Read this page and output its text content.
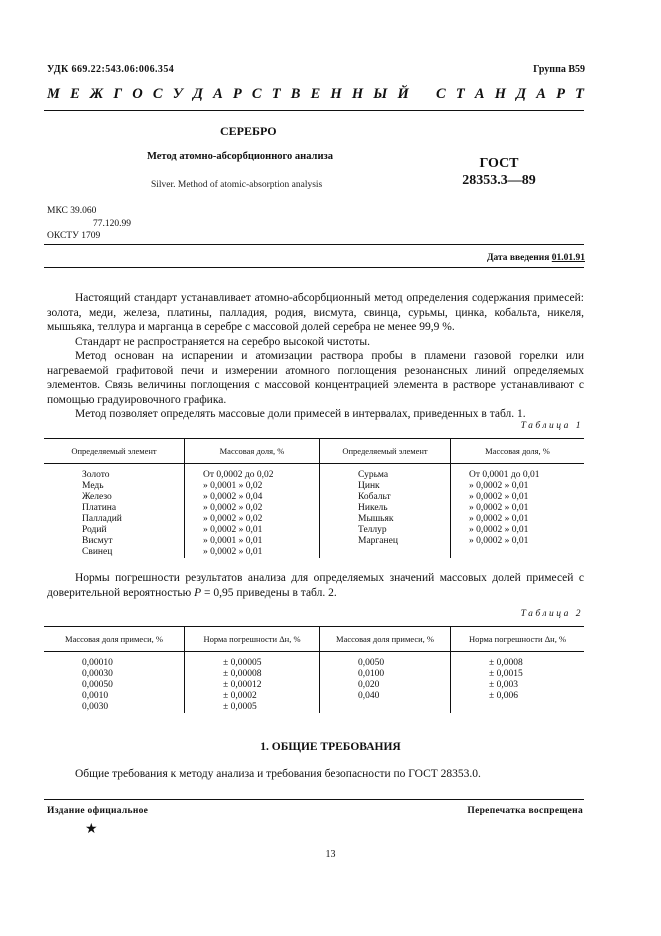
УДК 669.22:543.06:006.354	Группа В59
М Е Ж Г О С У Д А Р С Т В Е Н Н Ы Й С Т А Н Д А Р Т
СЕРЕБРО
Метод атомно-абсорбционного анализа	ГОСТ
28353.3—89
Silver. Method of atomic-absorption analysis
МКС 39.060
77.120.99
ОКСТУ 1709
Дата введения 01.01.91

Настоящий стандарт устанавливает атомно-абсорбционный метод определения содержания примесей: золота, меди, железа, платины, палладия, родия, висмута, свинца, сурьмы, цинка, кобальта, никеля, мышьяка, теллура и марганца в серебре с массовой долей серебра не менее 99,9 %.

Стандарт не распространяется на серебро высокой чистоты.

Метод основан на испарении и атомизации раствора пробы в пламени газовой горелки или нагреваемой графитовой печи и измерении атомного поглощения резонансных линий определяемых элементов. Связь величины поглощения с массовой концентрацией элемента в растворе устанавливают с помощью градуировочного графика.

Метод позволяет определять массовые доли примесей в интервалах, приведенных в табл. 1.

Таблица 1
Определяемый элемент	Массовая доля, %	Определяемый элемент	Массовая доля, %
Золото	От 0,0002 до 0,02	Сурьма	От 0,0001 до 0,01
Медь	» 0,0001 » 0,02	Цинк	» 0,0002 » 0,01
Железо	» 0,0002 » 0,04	Кобальт	» 0,0002 » 0,01
Платина	» 0,0002 » 0,02	Никель	» 0,0002 » 0,01
Палладий	» 0,0002 » 0,02	Мышьяк	» 0,0002 » 0,01
Родий	» 0,0002 » 0,01	Теллур	» 0,0002 » 0,01
Висмут	» 0,0001 » 0,01	Марганец	» 0,0002 » 0,01
Свинец	» 0,0002 » 0,01		

Нормы погрешности результатов анализа для определяемых значений массовых долей примесей с доверительной вероятностью P = 0,95 приведены в табл. 2.

Таблица 2
Массовая доля примеси, %	Норма погрешности Δн, %	Массовая доля примеси, %	Норма погрешности Δн, %
0,00010	± 0,00005	0,0050	± 0,0008
0,00030	± 0,00008	0,0100	± 0,0015
0,00050	± 0,00012	0,020	± 0,003
0,0010	± 0,0002	0,040	± 0,006
0,0030	± 0,0005		
1. ОБЩИЕ ТРЕБОВАНИЯ

Общие требования к методу анализа и требования безопасности по ГОСТ 28353.0.

Издание официальное	Перепечатка воспрещена
★
13
